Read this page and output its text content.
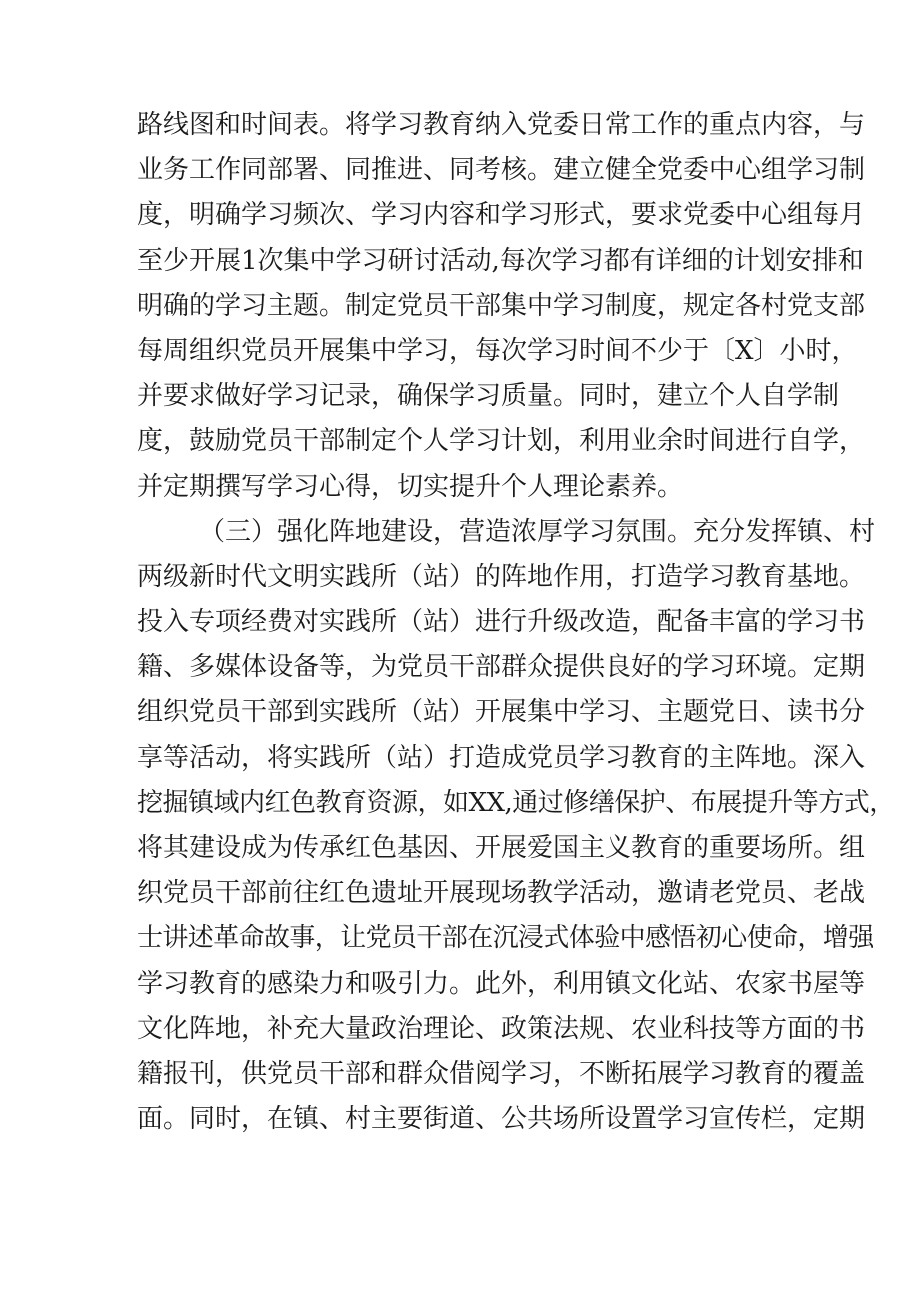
路线图和时间表。将学习教育纳入党委日常工作的重点内容，与
业务工作同部署、同推进、同考核。建立健全党委中心组学习制
度，明确学习频次、学习内容和学习形式，要求党委中心组每月
至少开展1次集中学习研讨活动,每次学习都有详细的计划安排和
明确的学习主题。制定党员干部集中学习制度，规定各村党支部
每周组织党员开展集中学习，每次学习时间不少于〔X〕小时，
并要求做好学习记录，确保学习质量。同时，建立个人自学制
度，鼓励党员干部制定个人学习计划，利用业余时间进行自学，
并定期撰写学习心得，切实提升个人理论素养。
（三）强化阵地建设，营造浓厚学习氛围。充分发挥镇、村
两级新时代文明实践所（站）的阵地作用，打造学习教育基地。
投入专项经费对实践所（站）进行升级改造，配备丰富的学习书
籍、多媒体设备等，为党员干部群众提供良好的学习环境。定期
组织党员干部到实践所（站）开展集中学习、主题党日、读书分
享等活动，将实践所（站）打造成党员学习教育的主阵地。深入
挖掘镇域内红色教育资源，如XX,通过修缮保护、布展提升等方式，
将其建设成为传承红色基因、开展爱国主义教育的重要场所。组
织党员干部前往红色遗址开展现场教学活动，邀请老党员、老战
士讲述革命故事，让党员干部在沉浸式体验中感悟初心使命，增强
学习教育的感染力和吸引力。此外，利用镇文化站、农家书屋等
文化阵地，补充大量政治理论、政策法规、农业科技等方面的书
籍报刊，供党员干部和群众借阅学习，不断拓展学习教育的覆盖
面。同时，在镇、村主要街道、公共场所设置学习宣传栏，定期
